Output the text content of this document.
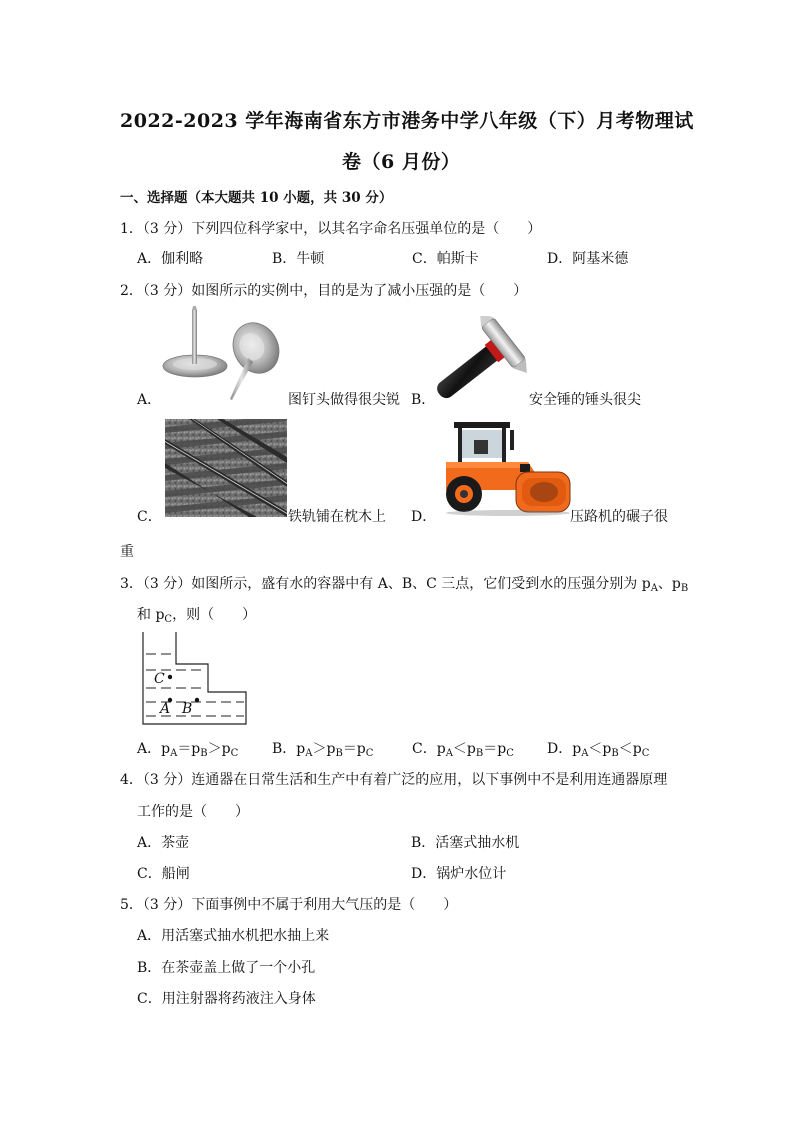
2022-2023 学年海南省东方市港务中学八年级（下）月考物理试
卷（6 月份）
一、选择题（本大题共 10 小题，共 30 分）
1．（3 分）下列四位科学家中，以其名字命名压强单位的是（　　）
A．伽利略	B．牛顿	C．帕斯卡	D．阿基米德
2．（3 分）如图所示的实例中，目的是为了减小压强的是（　　）
A．	图钉头做得很尖锐 B．	安全锤的锤头很尖
C．	铁轨铺在枕木上 D．	压路机的碾子很
重
3．（3 分）如图所示，盛有水的容器中有 A、B、C 三点，它们受到水的压强分别为 $p_A$、$p_B$
和 $p_C$，则（　　）
C
A B
A．$p_A=p_B>p_C$ B．$p_A>p_B=p_C$	C．$p_A<p_B=p_C$ D．$p_A<p_B<p_C$
4．（3 分）连通器在日常生活和生产中有着广泛的应用，以下事例中不是利用连通器原理
工作的是（　　）
A．茶壶	B．活塞式抽水机
C．船闸	D．锅炉水位计
5．（3 分）下面事例中不属于利用大气压的是（　　）
A．用活塞式抽水机把水抽上来
B．在茶壶盖上做了一个小孔
C．用注射器将药液注入身体
